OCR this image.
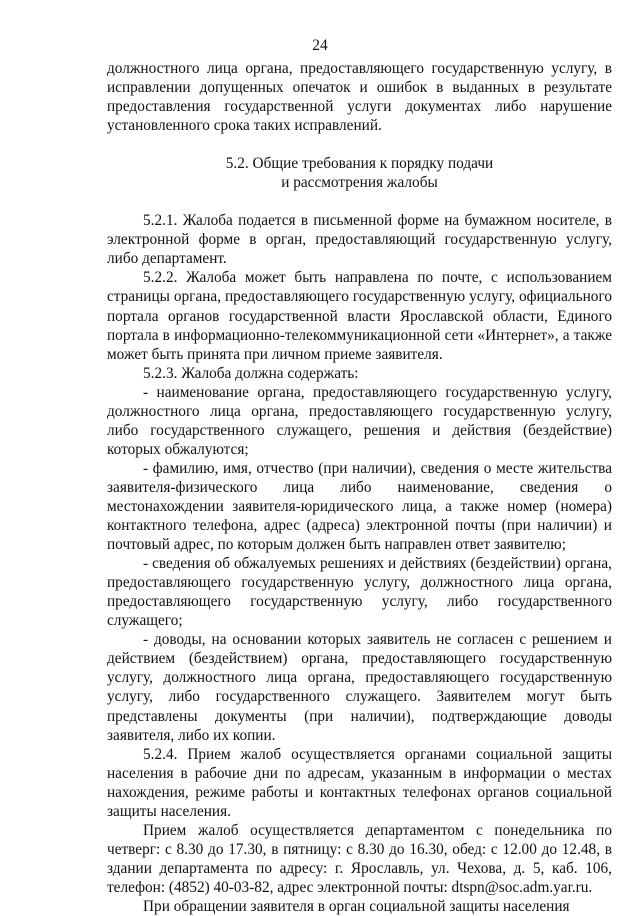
24

должностного лица органа, предоставляющего государственную услугу, в исправлении допущенных опечаток и ошибок в выданных в результате предоставления государственной услуги документах либо нарушение установленного срока таких исправлений.

5.2. Общие требования к порядку подачи
и рассмотрения жалобы

5.2.1. Жалоба подается в письменной форме на бумажном носителе, в электронной форме в орган, предоставляющий государственную услугу, либо департамент.

5.2.2. Жалоба может быть направлена по почте, с использованием страницы органа, предоставляющего государственную услугу, официального портала органов государственной власти Ярославской области, Единого портала в информационно-телекоммуникационной сети «Интернет», а также может быть принята при личном приеме заявителя.

5.2.3. Жалоба должна содержать:

- наименование органа, предоставляющего государственную услугу, должностного лица органа, предоставляющего государственную услугу, либо государственного служащего, решения и действия (бездействие) которых обжалуются;

- фамилию, имя, отчество (при наличии), сведения о месте жительства заявителя-физического лица либо наименование, сведения о местонахождении заявителя-юридического лица, а также номер (номера) контактного телефона, адрес (адреса) электронной почты (при наличии) и почтовый адрес, по которым должен быть направлен ответ заявителю;

- сведения об обжалуемых решениях и действиях (бездействии) органа, предоставляющего государственную услугу, должностного лица органа, предоставляющего государственную услугу, либо государственного служащего;

- доводы, на основании которых заявитель не согласен с решением и действием (бездействием) органа, предоставляющего государственную услугу, должностного лица органа, предоставляющего государственную услугу, либо государственного служащего. Заявителем могут быть представлены документы (при наличии), подтверждающие доводы заявителя, либо их копии.

5.2.4. Прием жалоб осуществляется органами социальной защиты населения в рабочие дни по адресам, указанным в информации о местах нахождения, режиме работы и контактных телефонах органов социальной защиты населения.

Прием жалоб осуществляется департаментом с понедельника по четверг: с 8.30 до 17.30, в пятницу: с 8.30 до 16.30, обед: с 12.00 до 12.48, в здании департамента по адресу: г. Ярославль, ул. Чехова, д. 5, каб. 106, телефон: (4852) 40-03-82, адрес электронной почты: dtspn@soc.adm.yar.ru.

При обращении заявителя в орган социальной защиты населения
